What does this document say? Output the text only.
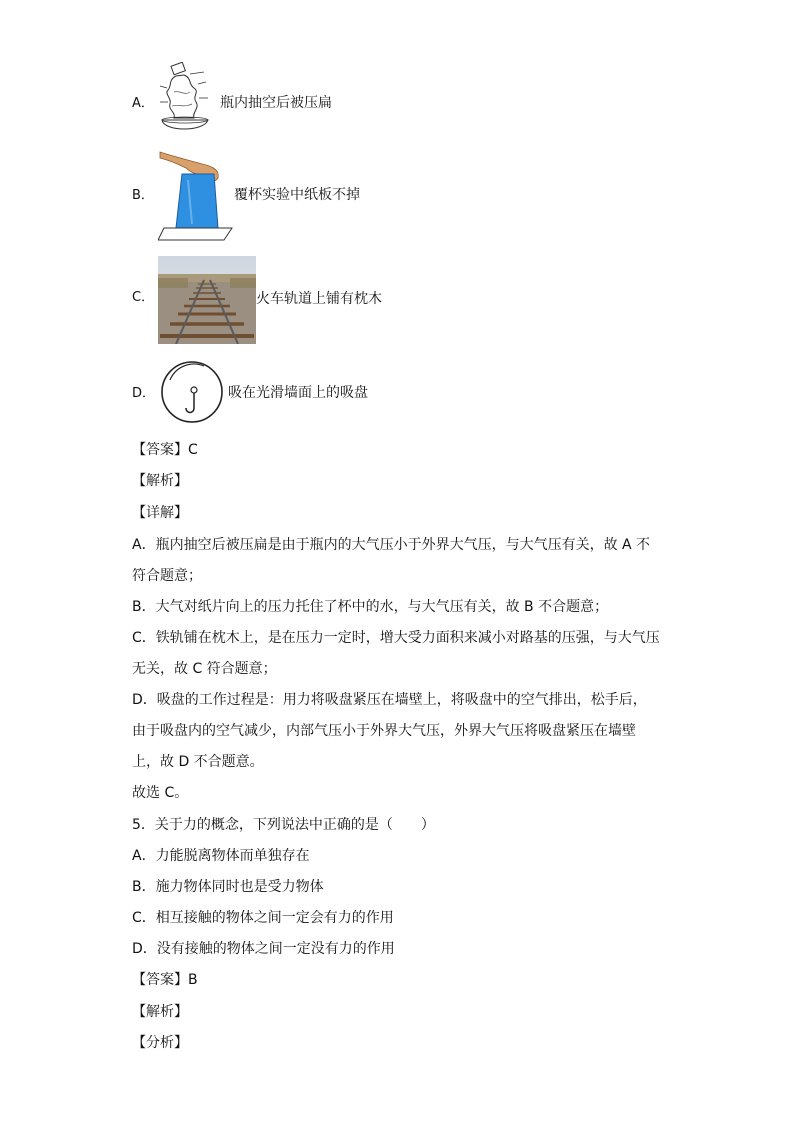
A．	瓶内抽空后被压扁
B．	覆杯实验中纸板不掉
C．	火车轨道上铺有枕木
D．	吸在光滑墙面上的吸盘
【答案】C
【解析】
【详解】
A．瓶内抽空后被压扁是由于瓶内的大气压小于外界大气压，与大气压有关，故 A 不
符合题意；
B．大气对纸片向上的压力托住了杯中的水，与大气压有关，故 B 不合题意；
C．铁轨铺在枕木上，是在压力一定时，增大受力面积来减小对路基的压强，与大气压
无关，故 C 符合题意；
D．吸盘的工作过程是：用力将吸盘紧压在墙壁上，将吸盘中的空气排出，松手后，
由于吸盘内的空气减少，内部气压小于外界大气压，外界大气压将吸盘紧压在墙壁
上，故 D 不合题意。
故选 C。
5．关于力的概念，下列说法中正确的是（　　）
A．力能脱离物体而单独存在
B．施力物体同时也是受力物体
C．相互接触的物体之间一定会有力的作用
D．没有接触的物体之间一定没有力的作用
【答案】B
【解析】
【分析】
